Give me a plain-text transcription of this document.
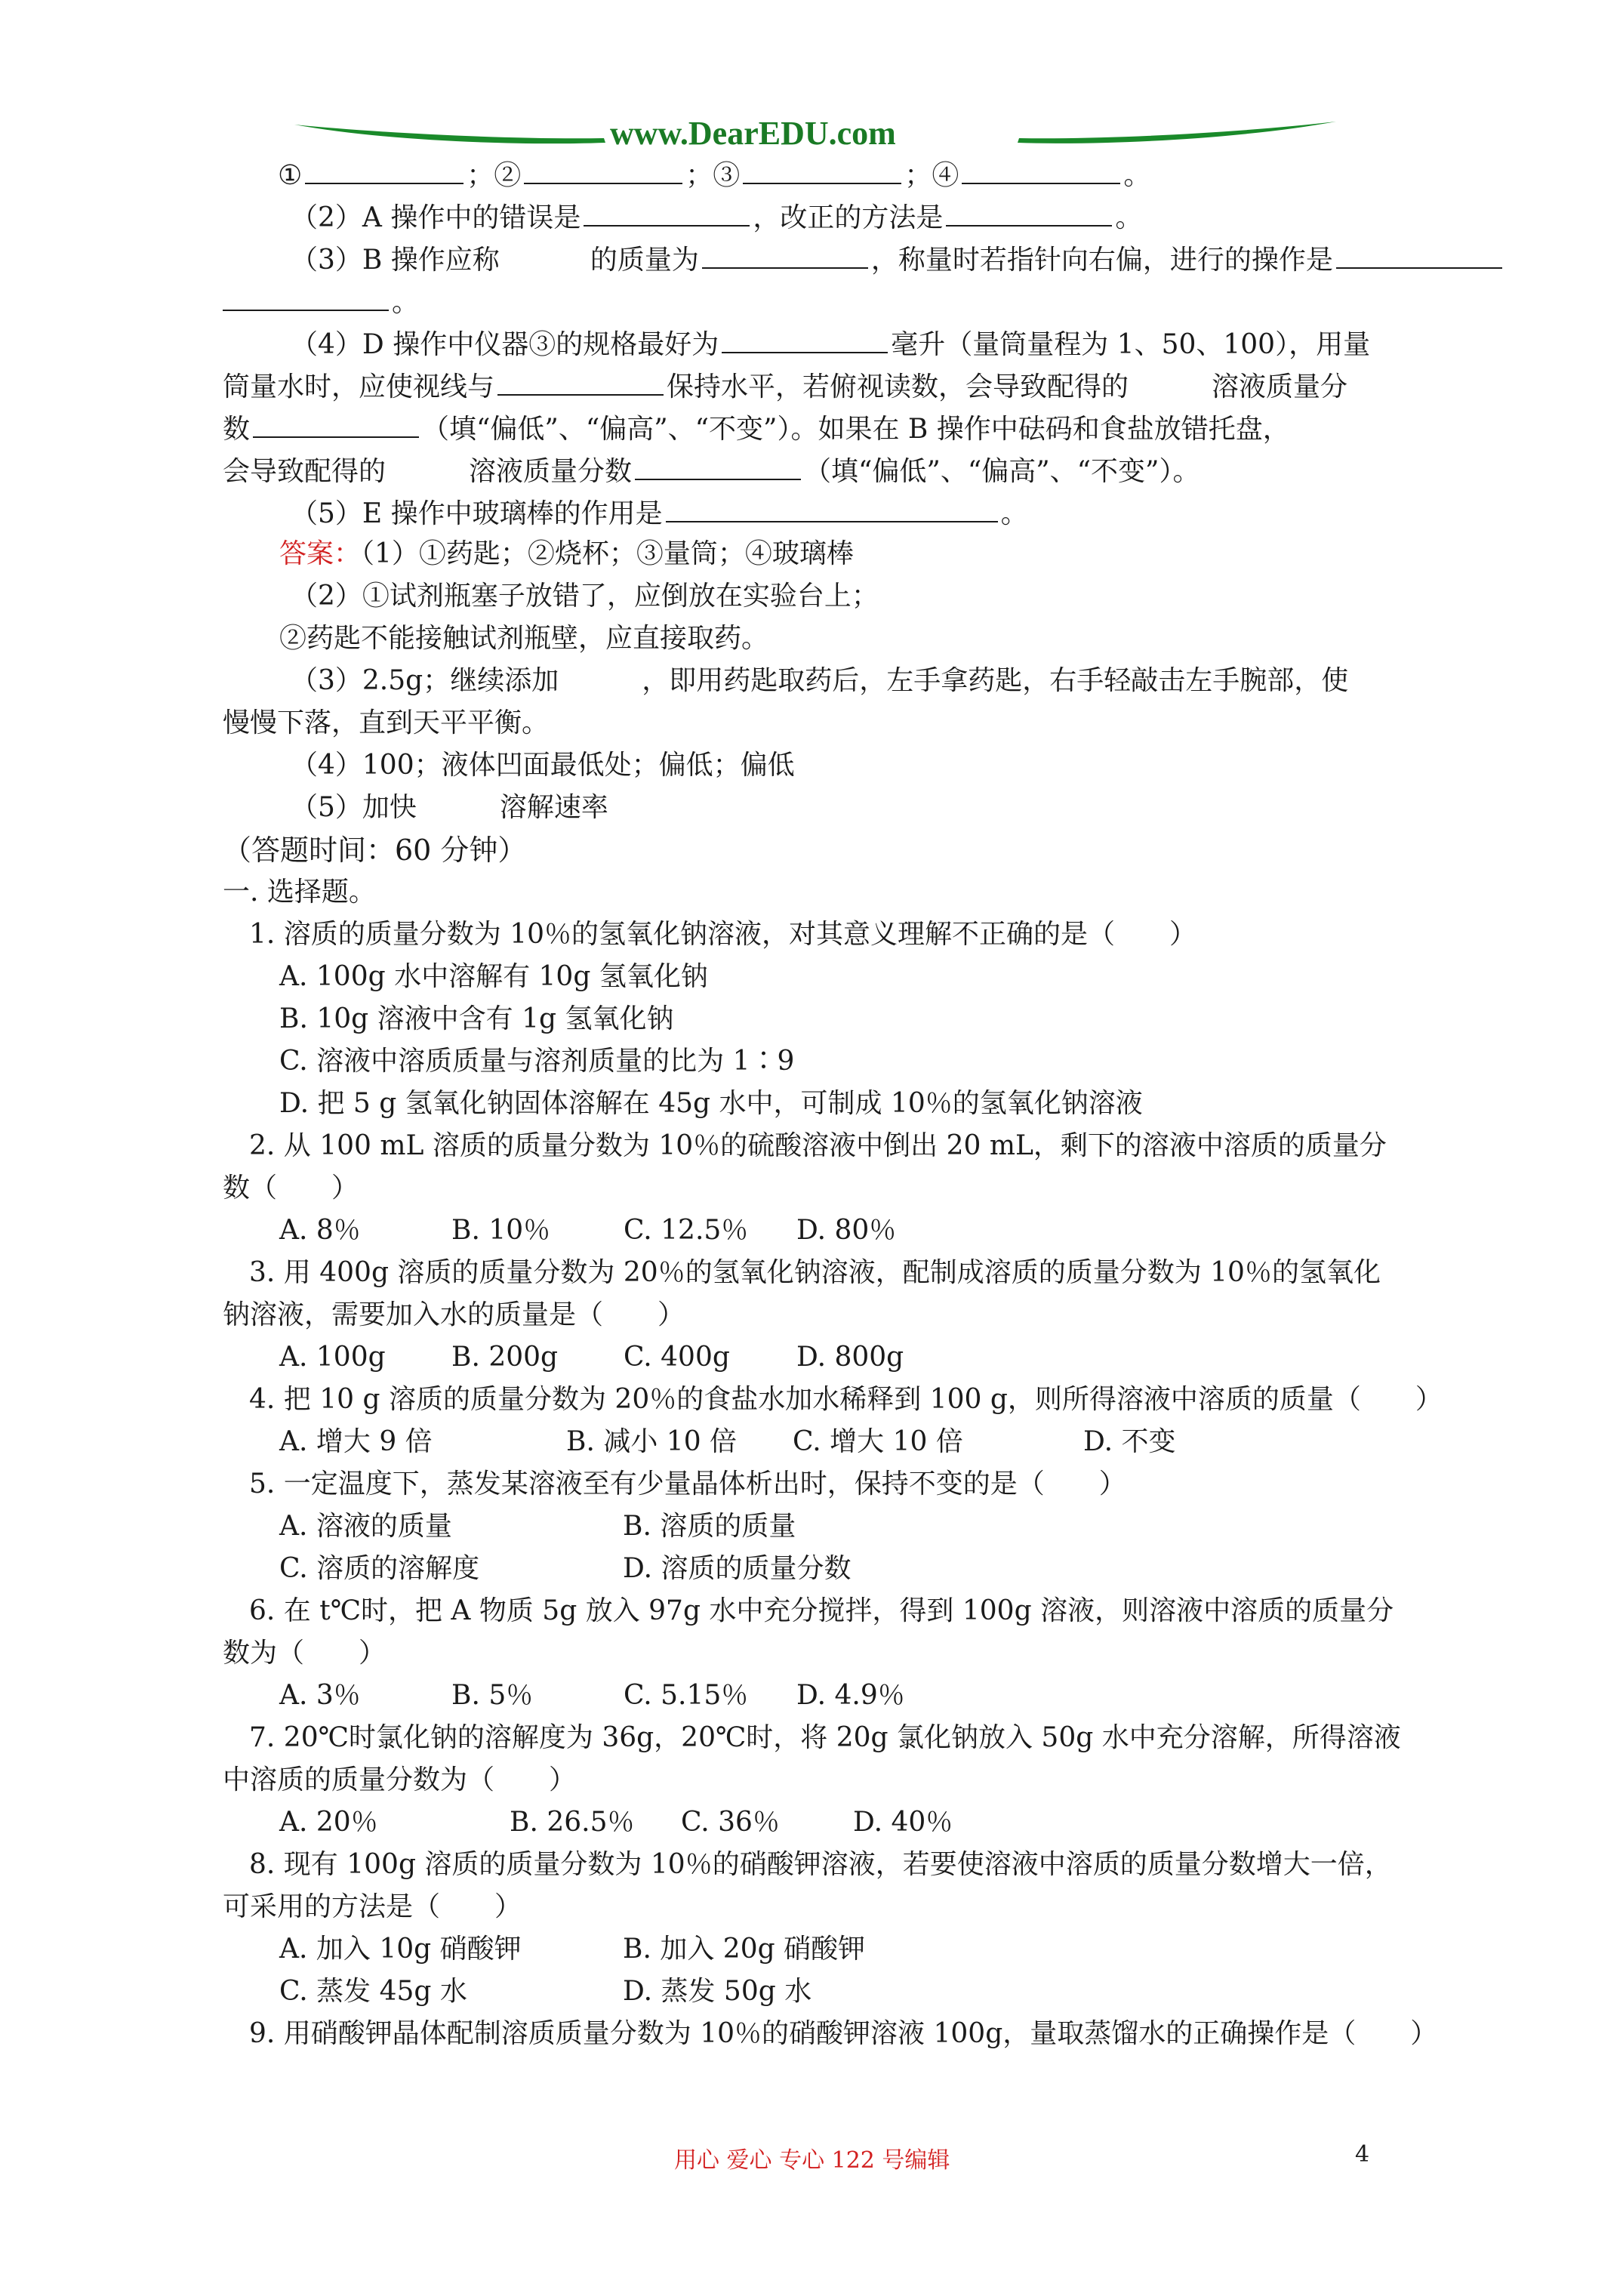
www.DearEDU.com
①	；②	；③	；④	。
（2）A 操作中的错误是	，改正的方法是	。
（3）B 操作应称	的质量为	，称量时若指针向右偏，进行的操作是
。
（4）D 操作中仪器③的规格最好为	毫升（量筒量程为 1、50、100），用量
筒量水时，应使视线与	保持水平，若俯视读数，会导致配得的	溶液质量分
数	（填“偏低”、“偏高”、“不变”）。如果在 B 操作中砝码和食盐放错托盘，
会导致配得的	溶液质量分数	（填“偏低”、“偏高”、“不变”）。
（5）E 操作中玻璃棒的作用是	。
答案：（1）①药匙；②烧杯；③量筒；④玻璃棒
（2）①试剂瓶塞子放错了，应倒放在实验台上；
②药匙不能接触试剂瓶壁，应直接取药。
（3）2.5g；继续添加	，即用药匙取药后，左手拿药匙，右手轻敲击左手腕部，使
慢慢下落，直到天平平衡。
（4）100；液体凹面最低处；偏低；偏低
（5）加快	溶解速率
（答题时间：60 分钟）
一. 选择题。
1. 溶质的质量分数为 10％的氢氧化钠溶液，对其意义理解不正确的是（　　）
A. 100g 水中溶解有 10g 氢氧化钠
B. 10g 溶液中含有 1g 氢氧化钠
C. 溶液中溶质质量与溶剂质量的比为 1∶9
D. 把 5 g 氢氧化钠固体溶解在 45g 水中，可制成 10％的氢氧化钠溶液
2. 从 100 mL 溶质的质量分数为 10％的硫酸溶液中倒出 20 mL，剩下的溶液中溶质的质量分
数（　　）
A. 8％	B. 10％	C. 12.5％ D. 80％
3. 用 400g 溶质的质量分数为 20％的氢氧化钠溶液，配制成溶质的质量分数为 10％的氢氧化
钠溶液，需要加入水的质量是（　　）
A. 100g B. 200g C. 400g D. 800g
4. 把 10 g 溶质的质量分数为 20％的食盐水加水稀释到 100 g，则所得溶液中溶质的质量（　　）
A. 增大 9 倍	B. 减小 10 倍 C. 增大 10 倍	D. 不变
5. 一定温度下，蒸发某溶液至有少量晶体析出时，保持不变的是（　　）
A. 溶液的质量	B. 溶质的质量
C. 溶质的溶解度	D. 溶质的质量分数
6. 在 t℃时，把 A 物质 5g 放入 97g 水中充分搅拌，得到 100g 溶液，则溶液中溶质的质量分
数为（　　）
A. 3％	B. 5％	C. 5.15％ D. 4.9％
7. 20℃时氯化钠的溶解度为 36g，20℃时，将 20g 氯化钠放入 50g 水中充分溶解，所得溶液
中溶质的质量分数为（　　）
A. 20％	B. 26.5％ C. 36％	D. 40％
8. 现有 100g 溶质的质量分数为 10％的硝酸钾溶液，若要使溶液中溶质的质量分数增大一倍，
可采用的方法是（　　）
A. 加入 10g 硝酸钾	B. 加入 20g 硝酸钾
C. 蒸发 45g 水	D. 蒸发 50g 水
9. 用硝酸钾晶体配制溶质质量分数为 10％的硝酸钾溶液 100g，量取蒸馏水的正确操作是（　　）
用心 爱心 专心 122 号编辑	4
